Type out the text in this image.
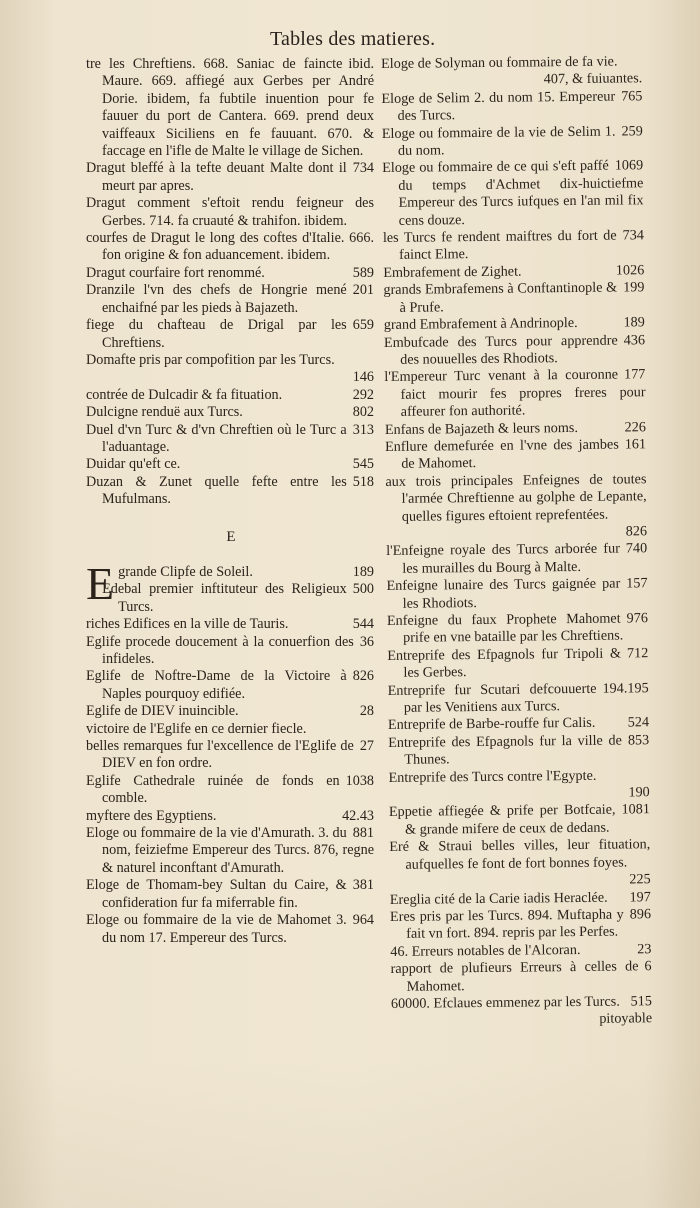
Tables des matieres.
ibid.
tre les Chreftiens. 668. Saniac de faincte Maure. 669. affiegé aux Gerbes per André Dorie. ibidem, fa fubtile inuention pour fe fauuer du port de Cantera. 669. prend deux vaiffeaux Siciliens en fe fauuant. 670. & faccage en l'ifle de Malte le village de Sichen.
734
Dragut bleffé à la tefte deuant Malte dont il meurt par apres.
Dragut comment s'eftoit rendu feigneur des Gerbes. 714. fa cruauté & trahifon. ibidem.
courfes de Dragut le long des coftes d'Italie. 666. fon origine & fon aduancement. ibidem.
589
Dragut courfaire fort renommé.
201
Dranzile l'vn des chefs de Hongrie mené enchaifné par les pieds à Bajazeth.
659
fiege du chafteau de Drigal par les Chreftiens.
Domafte pris par compofition par les Turcs.
146
292
contrée de Dulcadir & fa fituation.
802
Dulcigne renduë aux Turcs.
313
Duel d'vn Turc & d'vn Chreftien où le Turc a l'aduantage.
545
Duidar qu'eft ce.
518
Duzan & Zunet quelle fefte entre les Mufulmans.
E
grande
E	189
Clipfe de Soleil.
500
Edebal premier inftituteur des Religieux Turcs.
544
riches Edifices en la ville de Tauris.
36
Eglife procede doucement à la conuerfion des infideles.
826
Eglife de Noftre-Dame de la Victoire à Naples pourquoy edifiée.
28
Eglife de DIEV inuincible.
victoire de l'Eglife en ce dernier fiecle.
27
belles remarques fur l'excellence de l'Eglife de DIEV en fon ordre.
1038
Eglife Cathedrale ruinée de fonds en comble.
42.43
myftere des Egyptiens.
881
Eloge ou fommaire de la vie d'Amurath. 3. du nom, feiziefme Empereur des Turcs. 876, regne & naturel inconftant d'Amurath.
381
Eloge de Thomam-bey Sultan du Caire, & confideration fur fa miferrable fin.
964
Eloge ou fommaire de la vie de Mahomet 3. du nom 17. Empereur des Turcs.
Eloge de Solyman ou fommaire de fa vie.
407, & fuiuantes.
765
Eloge de Selim 2. du nom 15. Empereur des Turcs.
259
Eloge ou fommaire de la vie de Selim 1. du nom.
1069
Eloge ou fommaire de ce qui s'eft paffé du temps d'Achmet dix-huictiefme Empereur des Turcs iufques en l'an mil fix cens douze.
734
les Turcs fe rendent maiftres du fort de fainct Elme.
1026
Embrafement de Zighet.
199
grands Embrafemens à Conftantinople & à Prufe.
189
grand Embrafement à Andrinople.
436
Embufcade des Turcs pour apprendre des nouuelles des Rhodiots.
177
l'Empereur Turc venant à la couronne faict mourir fes propres freres pour affeurer fon authorité.
226
Enfans de Bajazeth & leurs noms.
161
Enflure demefurée en l'vne des jambes de Mahomet.
aux trois principales Enfeignes de toutes l'armée Chreftienne au golphe de Lepante, quelles figures eftoient reprefentées.
826
740
l'Enfeigne royale des Turcs arborée fur les murailles du Bourg à Malte.
157
Enfeigne lunaire des Turcs gaignée par les Rhodiots.
976
Enfeigne du faux Prophete Mahomet prife en vne bataille par les Chreftiens.
712
Entreprife des Efpagnols fur Tripoli & les Gerbes.
194.195
Entreprife fur Scutari defcouuerte par les Venitiens aux Turcs.
524
Entreprife de Barbe-rouffe fur Calis.
853
Entreprife des Efpagnols fur la ville de Thunes.
Entreprife des Turcs contre l'Egypte.
190
1081
Eppetie affiegée & prife per Botfcaie, & grande mifere de ceux de dedans.
Eré & Straui belles villes, leur fituation, aufquelles fe font de fort bonnes foyes.
225
197
Ereglia cité de la Carie iadis Heraclée.
896
Eres pris par les Turcs. 894. Muftapha y fait vn fort. 894. repris par les Perfes.
23
46. Erreurs notables de l'Alcoran.
6
rapport de plufieurs Erreurs à celles de Mahomet.
515
60000. Efclaues emmenez par les Turcs.
pitoyable
